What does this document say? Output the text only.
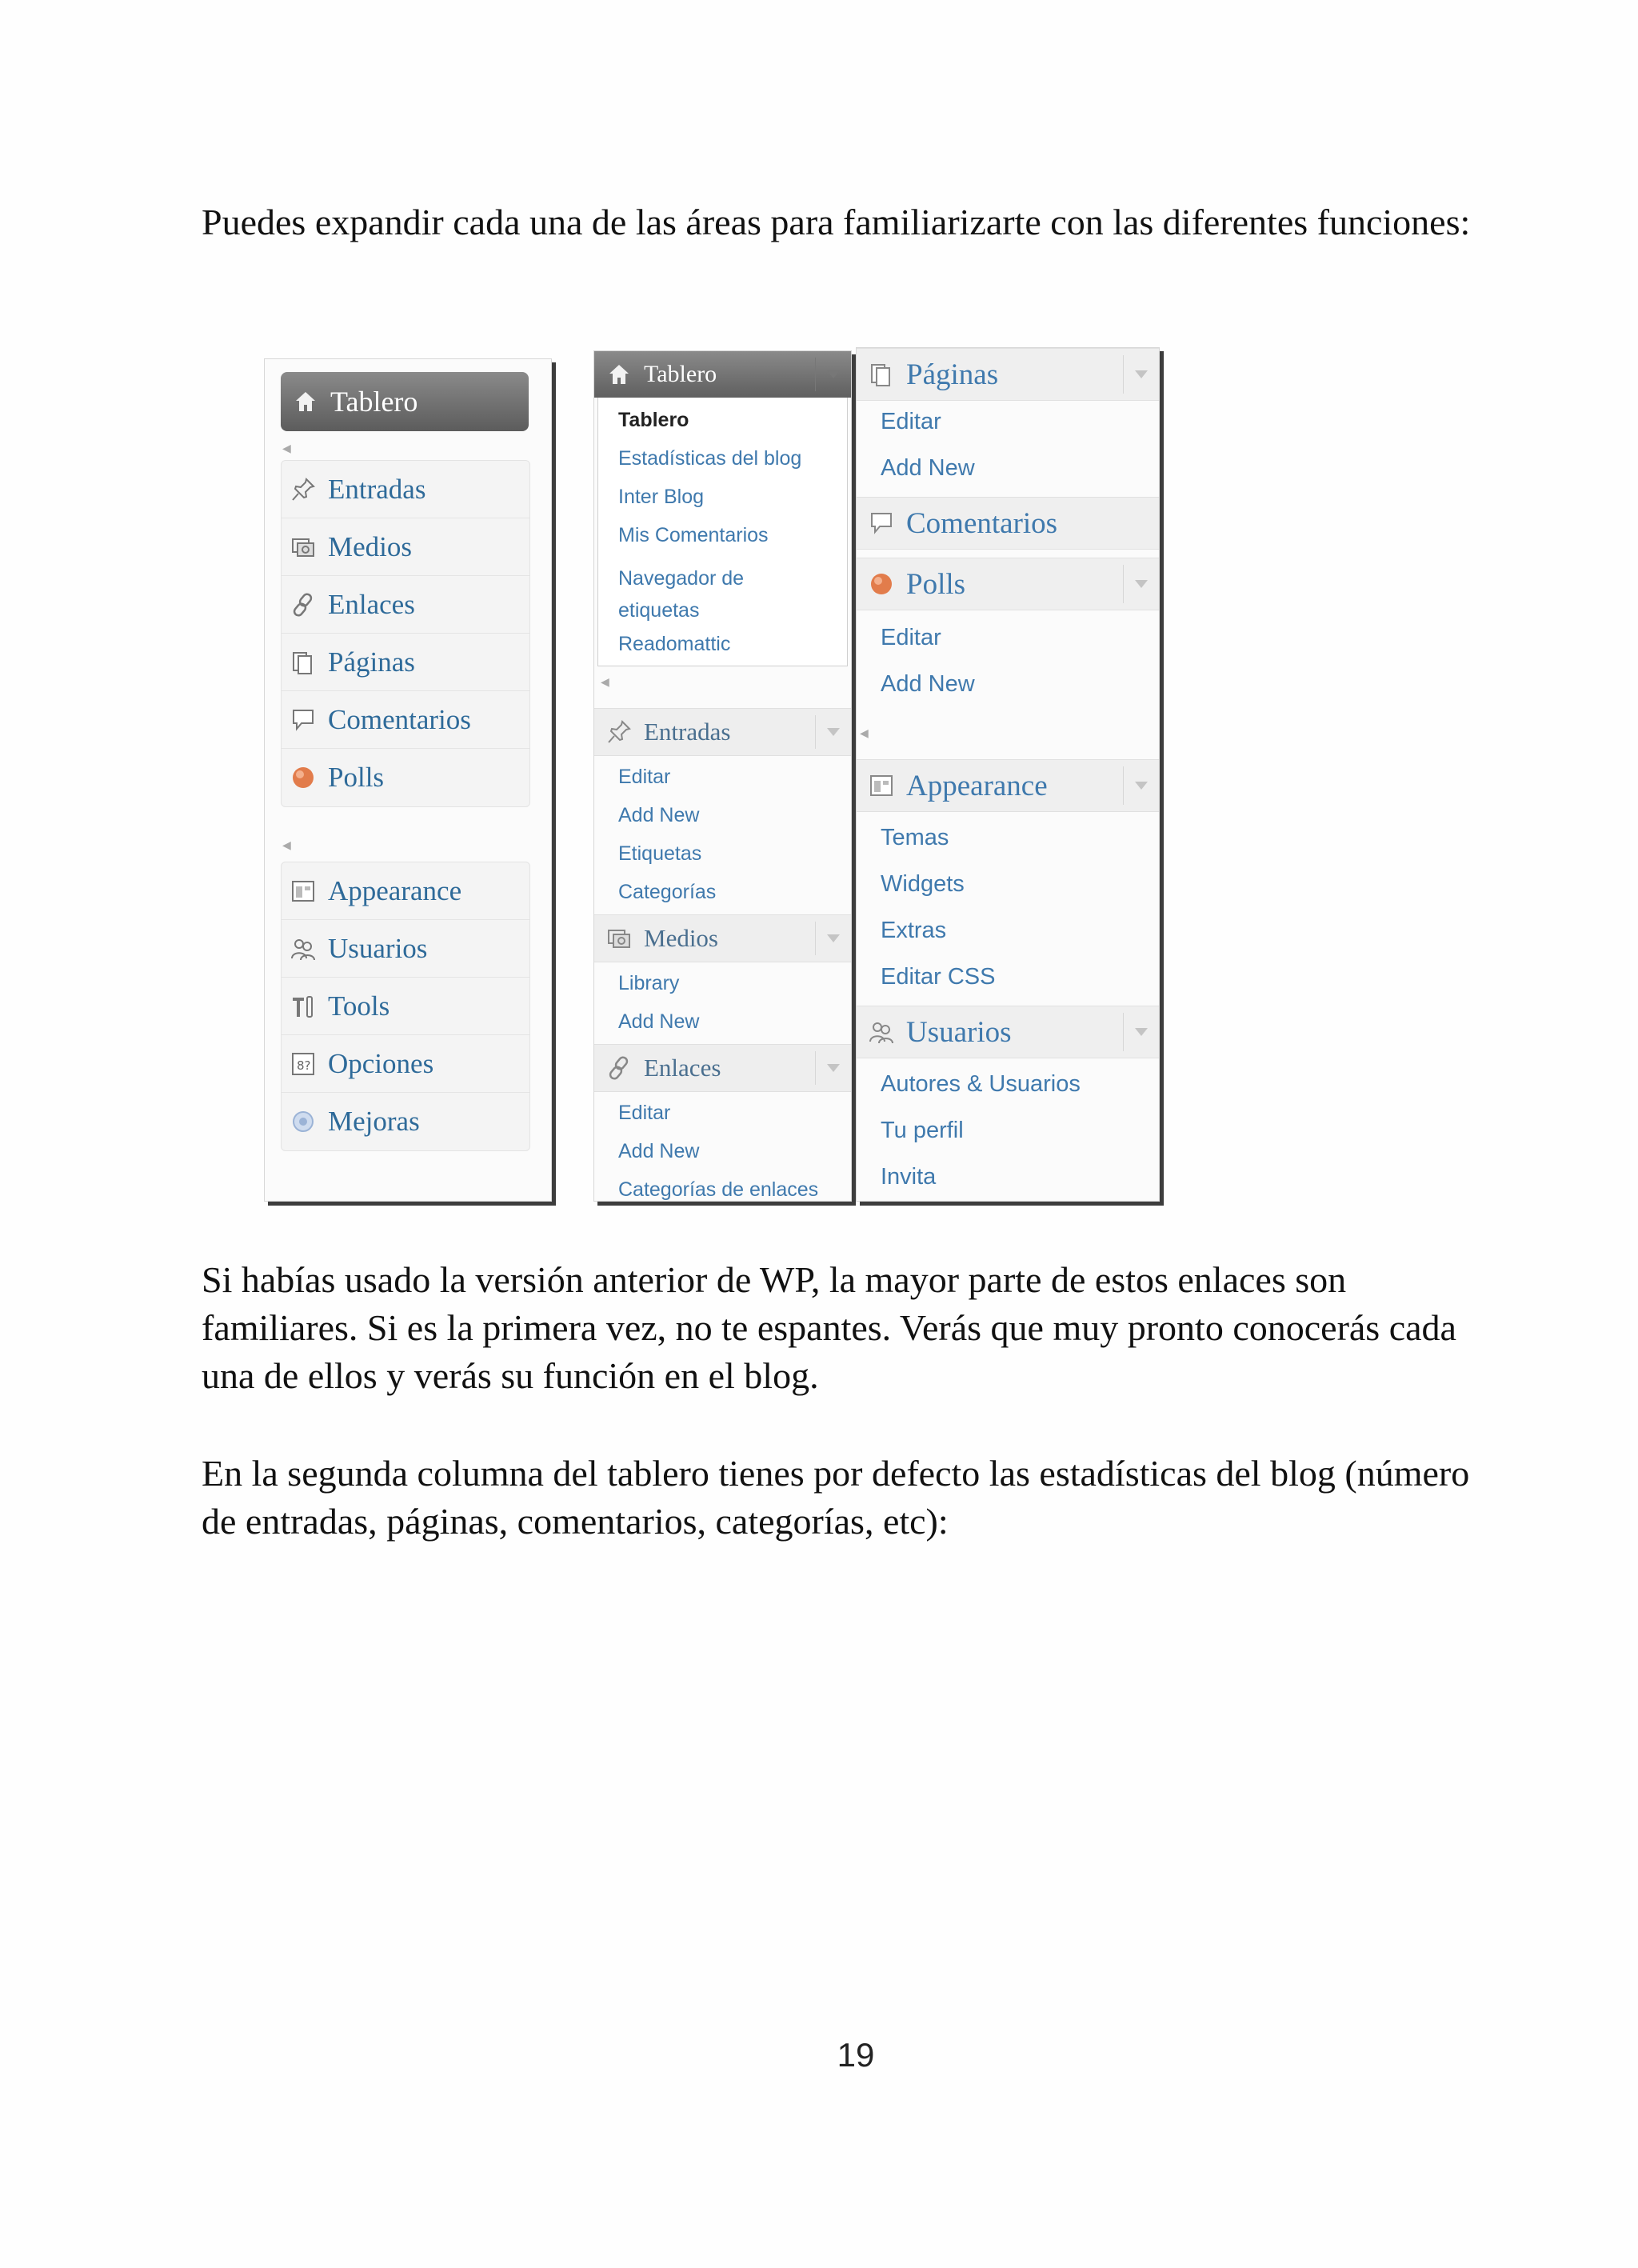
Puedes expandir cada una de las áreas para familiarizarte con las diferentes funciones:

Tablero
◀
Entradas
Medios
Enlaces
Páginas
Comentarios
Polls
◀
Appearance
Usuarios
Tools
8? Opciones
Mejoras
Tablero
Tablero
Estadísticas del blog
Inter Blog
Mis Comentarios
Navegador de etiquetas
Readomattic
◀
Entradas
Editar
Add New
Etiquetas
Categorías
Medios
Library
Add New
Enlaces
Editar
Add New
Categorías de enlaces
Páginas
Editar
Add New
Comentarios
Polls
Editar
Add New
◀
Appearance
Temas
Widgets
Extras
Editar CSS
Usuarios
Autores & Usuarios
Tu perfil
Invita

Si habías usado la versión anterior de WP, la mayor parte de estos enlaces son familiares. Si es la primera vez, no te espantes. Verás que muy pronto conocerás cada una de ellos y verás su función en el blog.

En la segunda columna del tablero tienes por defecto las estadísticas del blog (número de entradas, páginas, comentarios, categorías, etc):

19
